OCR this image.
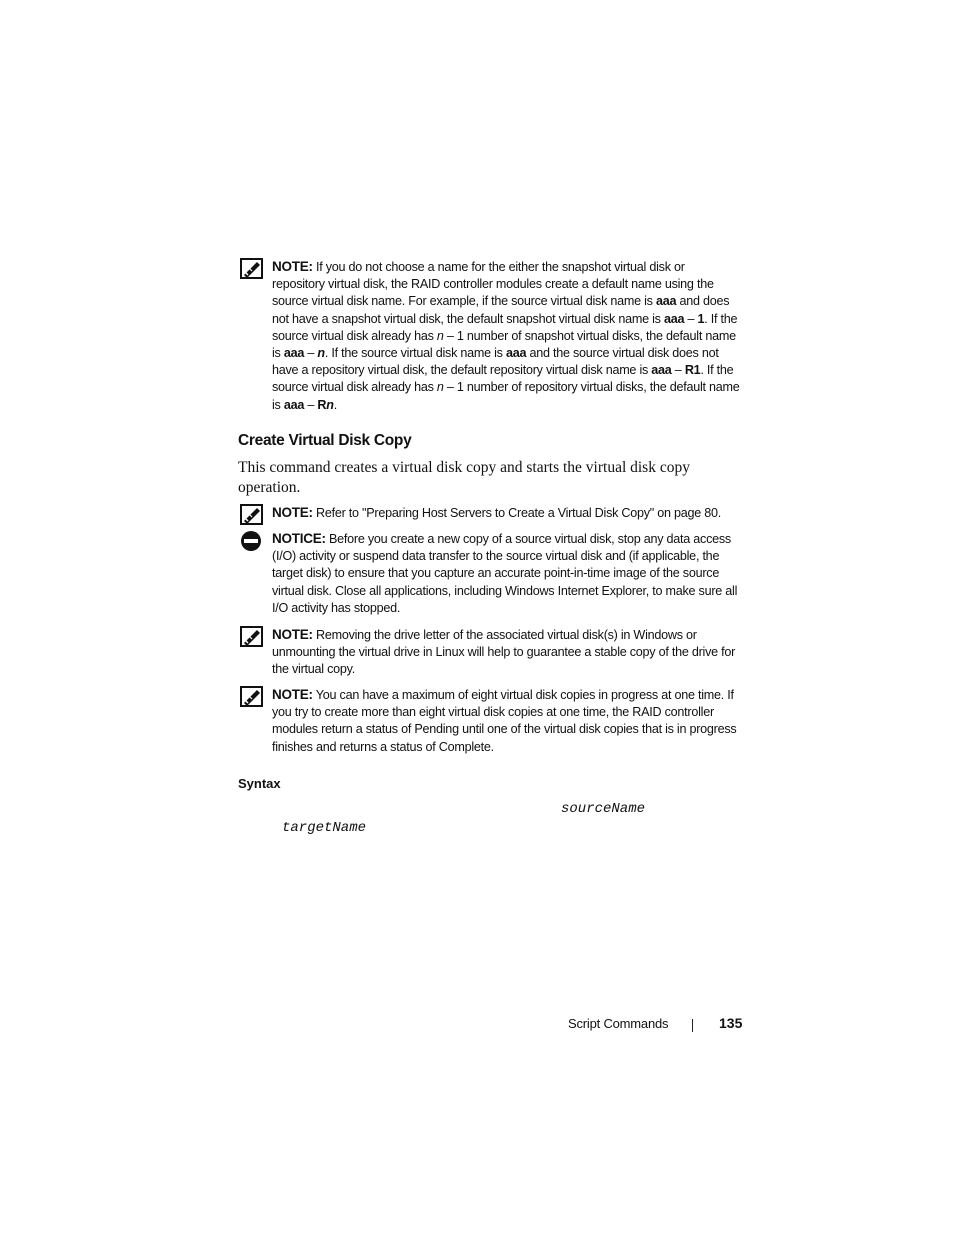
NOTE: If you do not choose a name for the either the snapshot virtual disk or repository virtual disk, the RAID controller modules create a default name using the source virtual disk name. For example, if the source virtual disk name is aaa and does not have a snapshot virtual disk, the default snapshot virtual disk name is aaa – 1. If the source virtual disk already has n – 1 number of snapshot virtual disks, the default name is aaa – n. If the source virtual disk name is aaa and the source virtual disk does not have a repository virtual disk, the default repository virtual disk name is aaa – R1. If the source virtual disk already has n – 1 number of repository virtual disks, the default name is aaa – Rn.
Create Virtual Disk Copy
This command creates a virtual disk copy and starts the virtual disk copy operation.
NOTE: Refer to "Preparing Host Servers to Create a Virtual Disk Copy" on page 80.
NOTICE: Before you create a new copy of a source virtual disk, stop any data access (I/O) activity or suspend data transfer to the source virtual disk and (if applicable, the target disk) to ensure that you capture an accurate point-in-time image of the source virtual disk. Close all applications, including Windows Internet Explorer, to make sure all I/O activity has stopped.
NOTE: Removing the drive letter of the associated virtual disk(s) in Windows or unmounting the virtual drive in Linux will help to guarantee a stable copy of the drive for the virtual copy.
NOTE: You can have a maximum of eight virtual disk copies in progress at one time. If you try to create more than eight virtual disk copies at one time, the RAID controller modules return a status of Pending until one of the virtual disk copies that is in progress finishes and returns a status of Complete.
Syntax
sourceName
targetName
Script Commands	135
